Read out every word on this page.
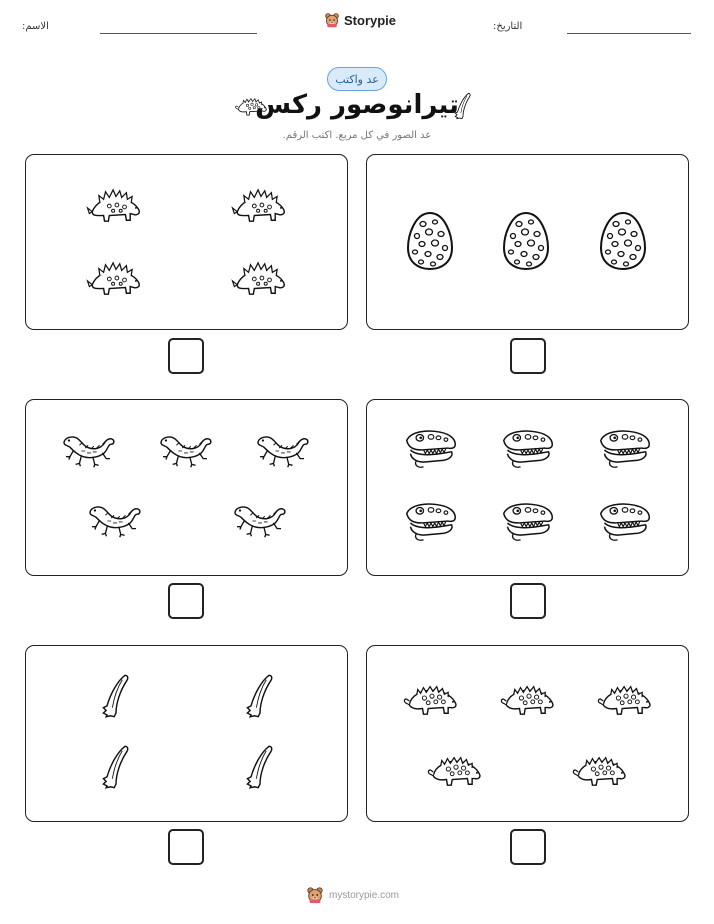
الاسم:	Storypie	التاريخ:
عد واكتب
تيرانوصور ركس
عد الصور في كل مربع. اكتب الرقم.
mystorypie.com
